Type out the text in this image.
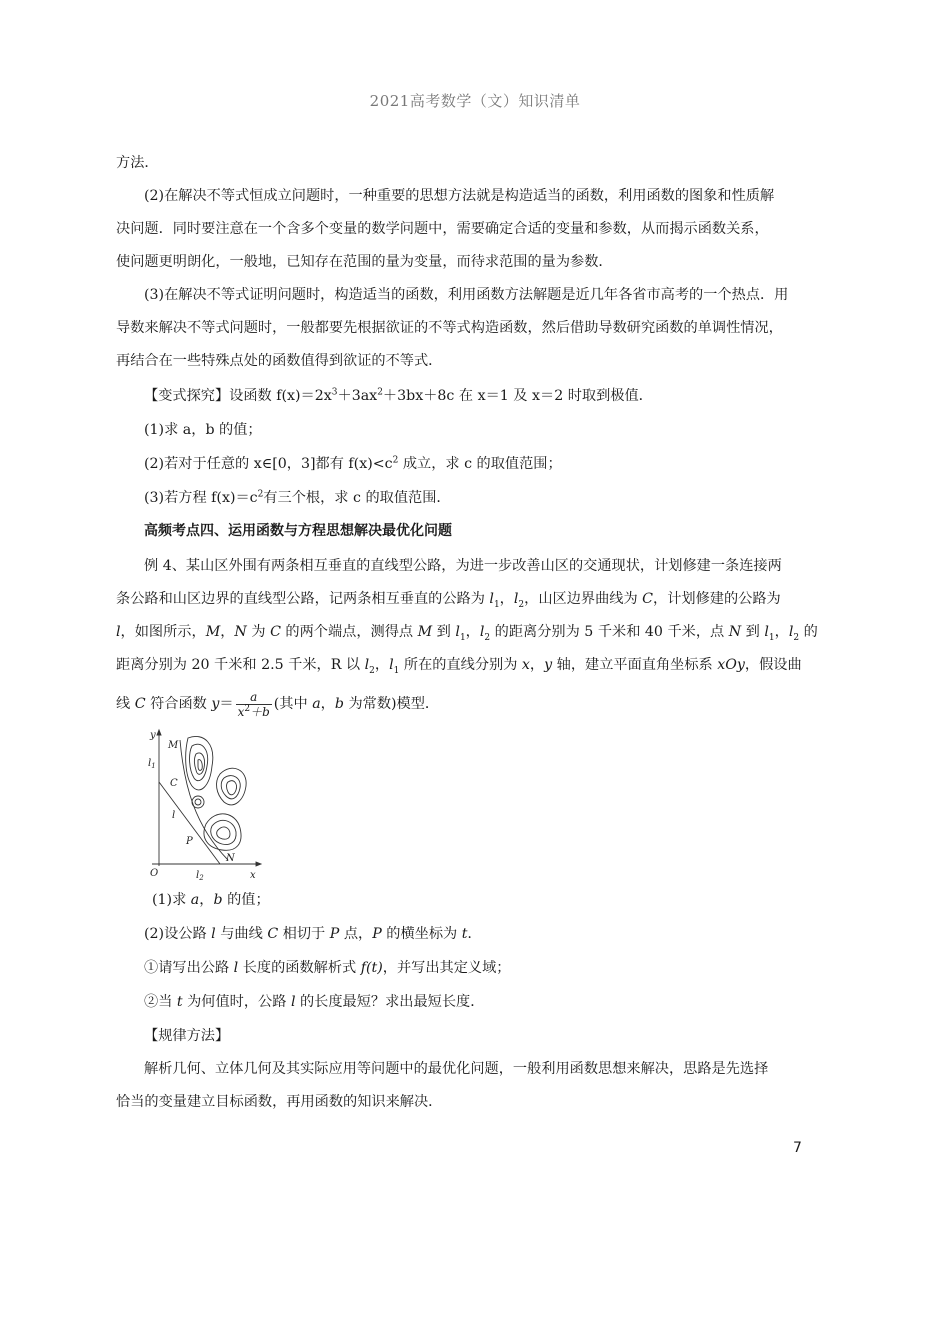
2021高考数学（文）知识清单
方法．
(2)在解决不等式恒成立问题时，一种重要的思想方法就是构造适当的函数，利用函数的图象和性质解
决问题．同时要注意在一个含多个变量的数学问题中，需要确定合适的变量和参数，从而揭示函数关系，
使问题更明朗化，一般地，已知存在范围的量为变量，而待求范围的量为参数．
(3)在解决不等式证明问题时，构造适当的函数，利用函数方法解题是近几年各省市高考的一个热点．用
导数来解决不等式问题时，一般都要先根据欲证的不等式构造函数，然后借助导数研究函数的单调性情况，
再结合在一些特殊点处的函数值得到欲证的不等式．
【变式探究】设函数 $f(x)=2x^3+3ax^2+3bx+8c$ 在 x＝1 及 x＝2 时取到极值．
(1)求 a，b 的值；
(2)若对于任意的 x∈[0，3]都有 $f(x)<c^2$ 成立，求 c 的取值范围；
(3)若方程 $f(x)=c^2$有三个根，求 c 的取值范围．
高频考点四、运用函数与方程思想解决最优化问题
例 4、某山区外围有两条相互垂直的直线型公路，为进一步改善山区的交通现状，计划修建一条连接两
条公路和山区边界的直线型公路，记两条相互垂直的公路为 $l_1$，$l_2$，山区边界曲线为 C，计划修建的公路为
l，如图所示，M，N 为 C 的两个端点，测得点 M 到 $l_1$，$l_2$ 的距离分别为 5 千米和 40 千米，点 N 到 $l_1$，$l_2$ 的
距离分别为 20 千米和 2.5 千米，R 以 $l_2$，$l_1$ 所在的直线分别为 x，y 轴，建立平面直角坐标系 xOy，假设曲
线 C 符合函数 $y= \frac{a}{x^2+b}$ (其中 a，b 为常数)模型．
y
$l_1$
M
C
l
P
N
O	$l_2$	x
(1)求 a，b 的值；
(2)设公路 l 与曲线 C 相切于 P 点，P 的横坐标为 t.
①请写出公路 l 长度的函数解析式 f(t)，并写出其定义域；
②当 t 为何值时，公路 l 的长度最短？求出最短长度．
【规律方法】
解析几何、立体几何及其实际应用等问题中的最优化问题，一般利用函数思想来解决，思路是先选择
恰当的变量建立目标函数，再用函数的知识来解决．
7
